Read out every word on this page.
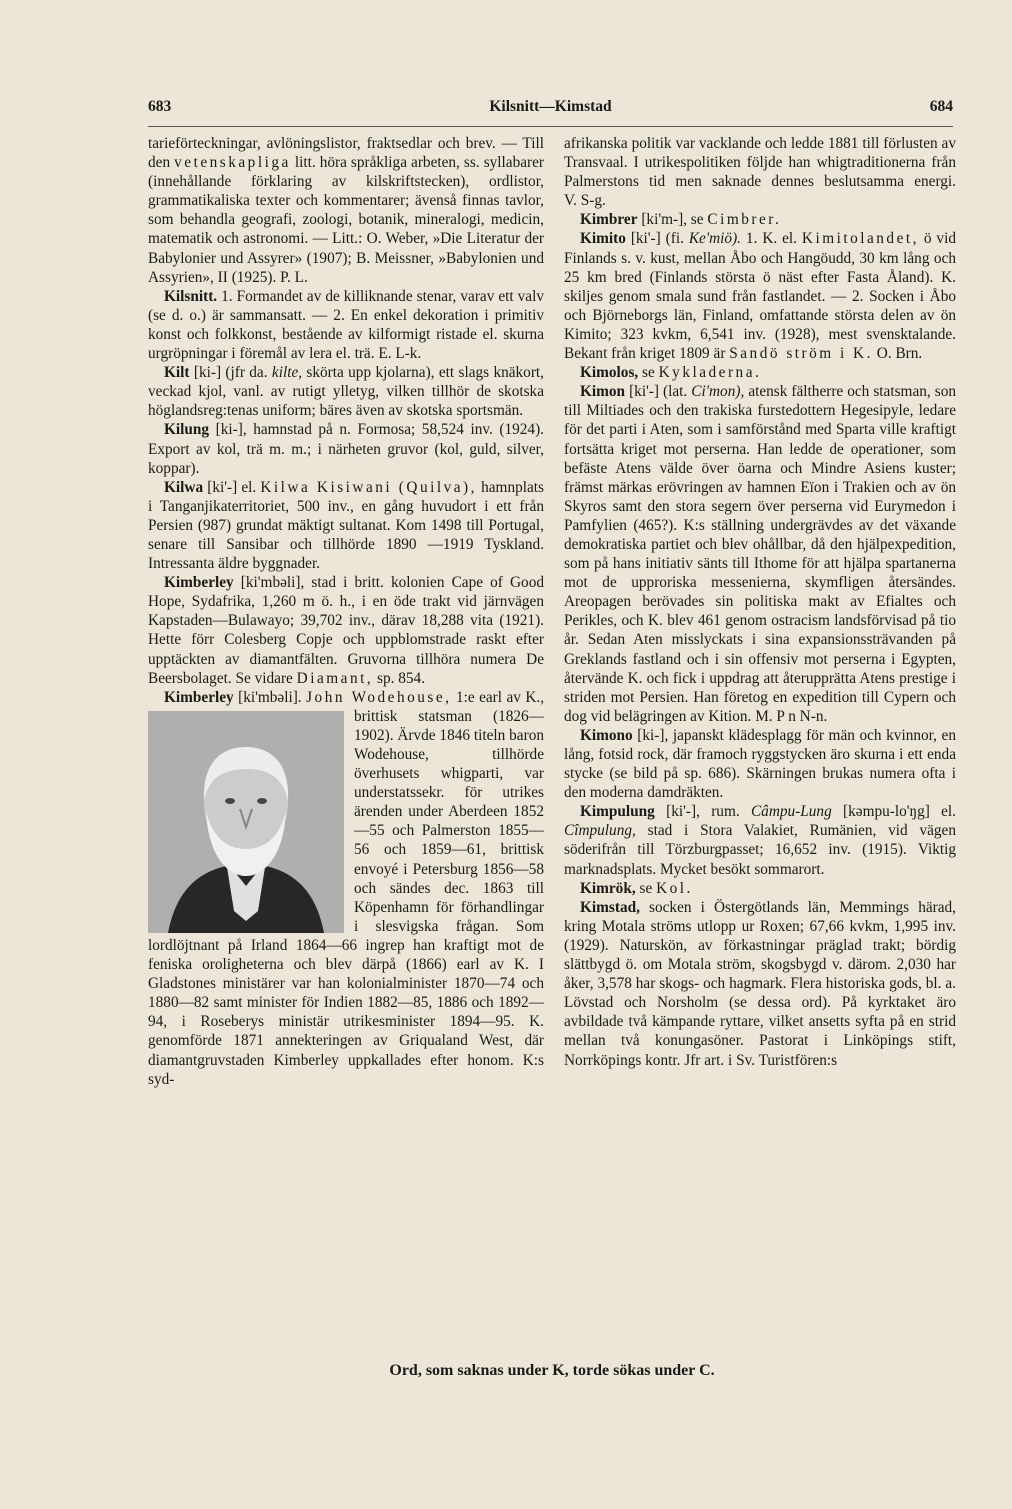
683	Kilsnitt—Kimstad	684

tarieförteckningar, avlöningslistor, fraktsedlar och brev. — Till den vetenskapliga litt. höra språkliga arbeten, ss. syllabarer (innehållande förklaring av kilskriftstecken), ordlistor, grammatikaliska texter och kommentarer; ävenså finnas tavlor, som behandla geografi, zoologi, botanik, mineralogi, medicin, matematik och astronomi. — Litt.: O. Weber, »Die Literatur der Babylonier und Assyrer» (1907); B. Meissner, »Babylonien und Assyrien», II (1925). P. L.

Kilsnitt. 1. Formandet av de killiknande stenar, varav ett valv (se d. o.) är sammansatt. — 2. En enkel dekoration i primitiv konst och folkkonst, bestående av kilformigt ristade el. skurna urgröpningar i föremål av lera el. trä. E. L-k.

Kilt [ki-] (jfr da. kilte, skörta upp kjolarna), ett slags knäkort, veckad kjol, vanl. av rutigt ylletyg, vilken tillhör de skotska höglandsreg:tenas uniform; bäres även av skotska sportsmän.

Kilung [ki-], hamnstad på n. Formosa; 58,524 inv. (1924). Export av kol, trä m. m.; i närheten gruvor (kol, guld, silver, koppar).

Kilwa [ki'-] el. Kilwa Kisiwani (Quilva), hamnplats i Tanganjikaterritoriet, 500 inv., en gång huvudort i ett från Persien (987) grundat mäktigt sultanat. Kom 1498 till Portugal, senare till Sansibar och tillhörde 1890 —1919 Tyskland. Intressanta äldre byggnader.

Kimberley [ki'mbəli], stad i britt. kolonien Cape of Good Hope, Sydafrika, 1,260 m ö. h., i en öde trakt vid järnvägen Kapstaden—Bulawayo; 39,702 inv., därav 18,288 vita (1921). Hette förr Colesberg Copje och uppblomstrade raskt efter upptäckten av diamantfälten. Gruvorna tillhöra numera De Beersbolaget. Se vidare Diamant, sp. 854.

Kimberley [ki'mbəli]. John Wodehouse, 1:e earl av K., brittisk statsman (1826—1902). Ärvde 1846 titeln baron Wodehouse, tillhörde överhusets whigparti, var understatssekr. för utrikes ärenden under Aberdeen 1852—55 och Palmerston 1855—56 och 1859—61, brittisk envoyé i Petersburg 1856—58 och sändes dec. 1863 till Köpenhamn för förhandlingar i slesvigska frågan. Som lordlöjtnant på Irland 1864—66 ingrep han kraftigt mot de feniska oroligheterna och blev därpå (1866) earl av K. I Gladstones ministärer var han kolonialminister 1870—74 och 1880—82 samt minister för Indien 1882—85, 1886 och 1892—94, i Roseberys ministär utrikesminister 1894—95. K. genomförde 1871 annekteringen av Griqualand West, där diamantgruvstaden Kimberley uppkallades efter honom. K:s syd-

afrikanska politik var vacklande och ledde 1881 till förlusten av Transvaal. I utrikespolitiken följde han whigtraditionerna från Palmerstons tid men saknade dennes beslutsamma energi. V. S-g.

Kimbrer [ki'm-], se Cimbrer.

Kimito [ki'-] (fi. Ke'miö). 1. K. el. Kimitolandet, ö vid Finlands s. v. kust, mellan Åbo och Hangöudd, 30 km lång och 25 km bred (Finlands största ö näst efter Fasta Åland). K. skiljes genom smala sund från fastlandet. — 2. Socken i Åbo och Björneborgs län, Finland, omfattande största delen av ön Kimito; 323 kvkm, 6,541 inv. (1928), mest svensktalande. Bekant från kriget 1809 är Sandö ström i K. O. Brn.

Kimolos, se Kykladerna.

Kimon [ki'-] (lat. Ci'mon), atensk fältherre och statsman, son till Miltiades och den trakiska furstedottern Hegesipyle, ledare för det parti i Aten, som i samförstånd med Sparta ville kraftigt fortsätta kriget mot perserna. Han ledde de operationer, som befäste Atens välde över öarna och Mindre Asiens kuster; främst märkas erövringen av hamnen Eïon i Trakien och av ön Skyros samt den stora segern över perserna vid Eurymedon i Pamfylien (465?). K:s ställning undergrävdes av det växande demokratiska partiet och blev ohållbar, då den hjälpexpedition, som på hans initiativ sänts till Ithome för att hjälpa spartanerna mot de upproriska messenierna, skymfligen återsändes. Areopagen berövades sin politiska makt av Efialtes och Perikles, och K. blev 461 genom ostracism landsförvisad på tio år. Sedan Aten misslyckats i sina expansionssträvanden på Greklands fastland och i sin offensiv mot perserna i Egypten, återvände K. och fick i uppdrag att återupprätta Atens prestige i striden mot Persien. Han företog en expedition till Cypern och dog vid belägringen av Kition. M. P n N-n.

Kimono [ki-], japanskt klädesplagg för män och kvinnor, en lång, fotsid rock, där framoch ryggstycken äro skurna i ett enda stycke (se bild på sp. 686). Skärningen brukas numera ofta i den moderna damdräkten.

Kimpulung [ki'-], rum. Câmpu-Lung [kəmpu-lo'ŋg] el. Cîmpulung, stad i Stora Valakiet, Rumänien, vid vägen söderifrån till Törzburgpasset; 16,652 inv. (1915). Viktig marknadsplats. Mycket besökt sommarort.

Kimrök, se Kol.

Kimstad, socken i Östergötlands län, Memmings härad, kring Motala ströms utlopp ur Roxen; 67,66 kvkm, 1,995 inv. (1929). Naturskön, av förkastningar präglad trakt; bördig slättbygd ö. om Motala ström, skogsbygd v. därom. 2,030 har åker, 3,578 har skogs- och hagmark. Flera historiska gods, bl. a. Lövstad och Norsholm (se dessa ord). På kyrktaket äro avbildade två kämpande ryttare, vilket ansetts syfta på en strid mellan två konungasöner. Pastorat i Linköpings stift, Norrköpings kontr. Jfr art. i Sv. Turistfören:s

Ord, som saknas under K, torde sökas under C.
